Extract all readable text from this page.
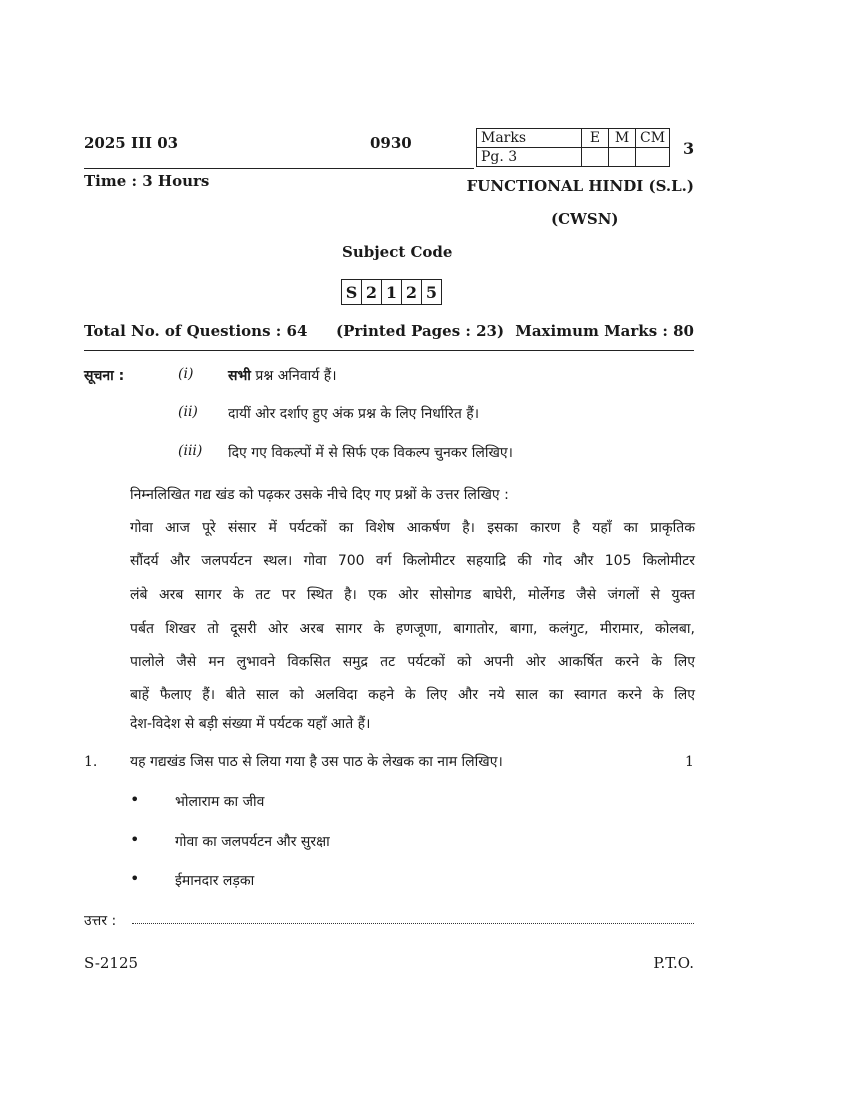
2025 III 03	0930	Marks	E	M	CM
Pg. 3				3
Time : 3 Hours	FUNCTIONAL HINDI (S.L.)
(CWSN)
Subject Code
S	2	1	2	5
Total No. of Questions : 64 (Printed Pages : 23) Maximum Marks : 80
सूचना :	(i) सभी प्रश्न अनिवार्य हैं।
(ii) दायीं ओर दर्शाए हुए अंक प्रश्न के लिए निर्धारित हैं।
(iii) दिए गए विकल्पों में से सिर्फ एक विकल्प चुनकर लिखिए।
निम्नलिखित गद्य खंड को पढ़कर उसके नीचे दिए गए प्रश्नों के उत्तर लिखिए :
गोवा आज पूरे संसार में पर्यटकों का विशेष आकर्षण है। इसका कारण है यहाँ का प्राकृतिक
सौंदर्य और जलपर्यटन स्थल। गोवा 700 वर्ग किलोमीटर सहयाद्रि की गोद और 105 किलोमीटर
लंबे अरब सागर के तट पर स्थित है। एक ओर सोसोगड बाघेरी, मोर्लेगड जैसे जंगलों से युक्त
पर्बत शिखर तो दूसरी ओर अरब सागर के हणजूणा, बागातोर, बागा, कलंगुट, मीरामार, कोलबा,
पालोले जैसे मन लुभावने विकसित समुद्र तट पर्यटकों को अपनी ओर आकर्षित करने के लिए
बाहें फैलाए हैं। बीते साल को अलविदा कहने के लिए और नये साल का स्वागत करने के लिए
देश-विदेश से बड़ी संख्या में पर्यटक यहाँ आते हैं।
1. यह गद्यखंड जिस पाठ से लिया गया है उस पाठ के लेखक का नाम लिखिए।	1
•	भोलाराम का जीव
•	गोवा का जलपर्यटन और सुरक्षा
•	ईमानदार लड़का
उत्तर :
S-2125	P.T.O.
